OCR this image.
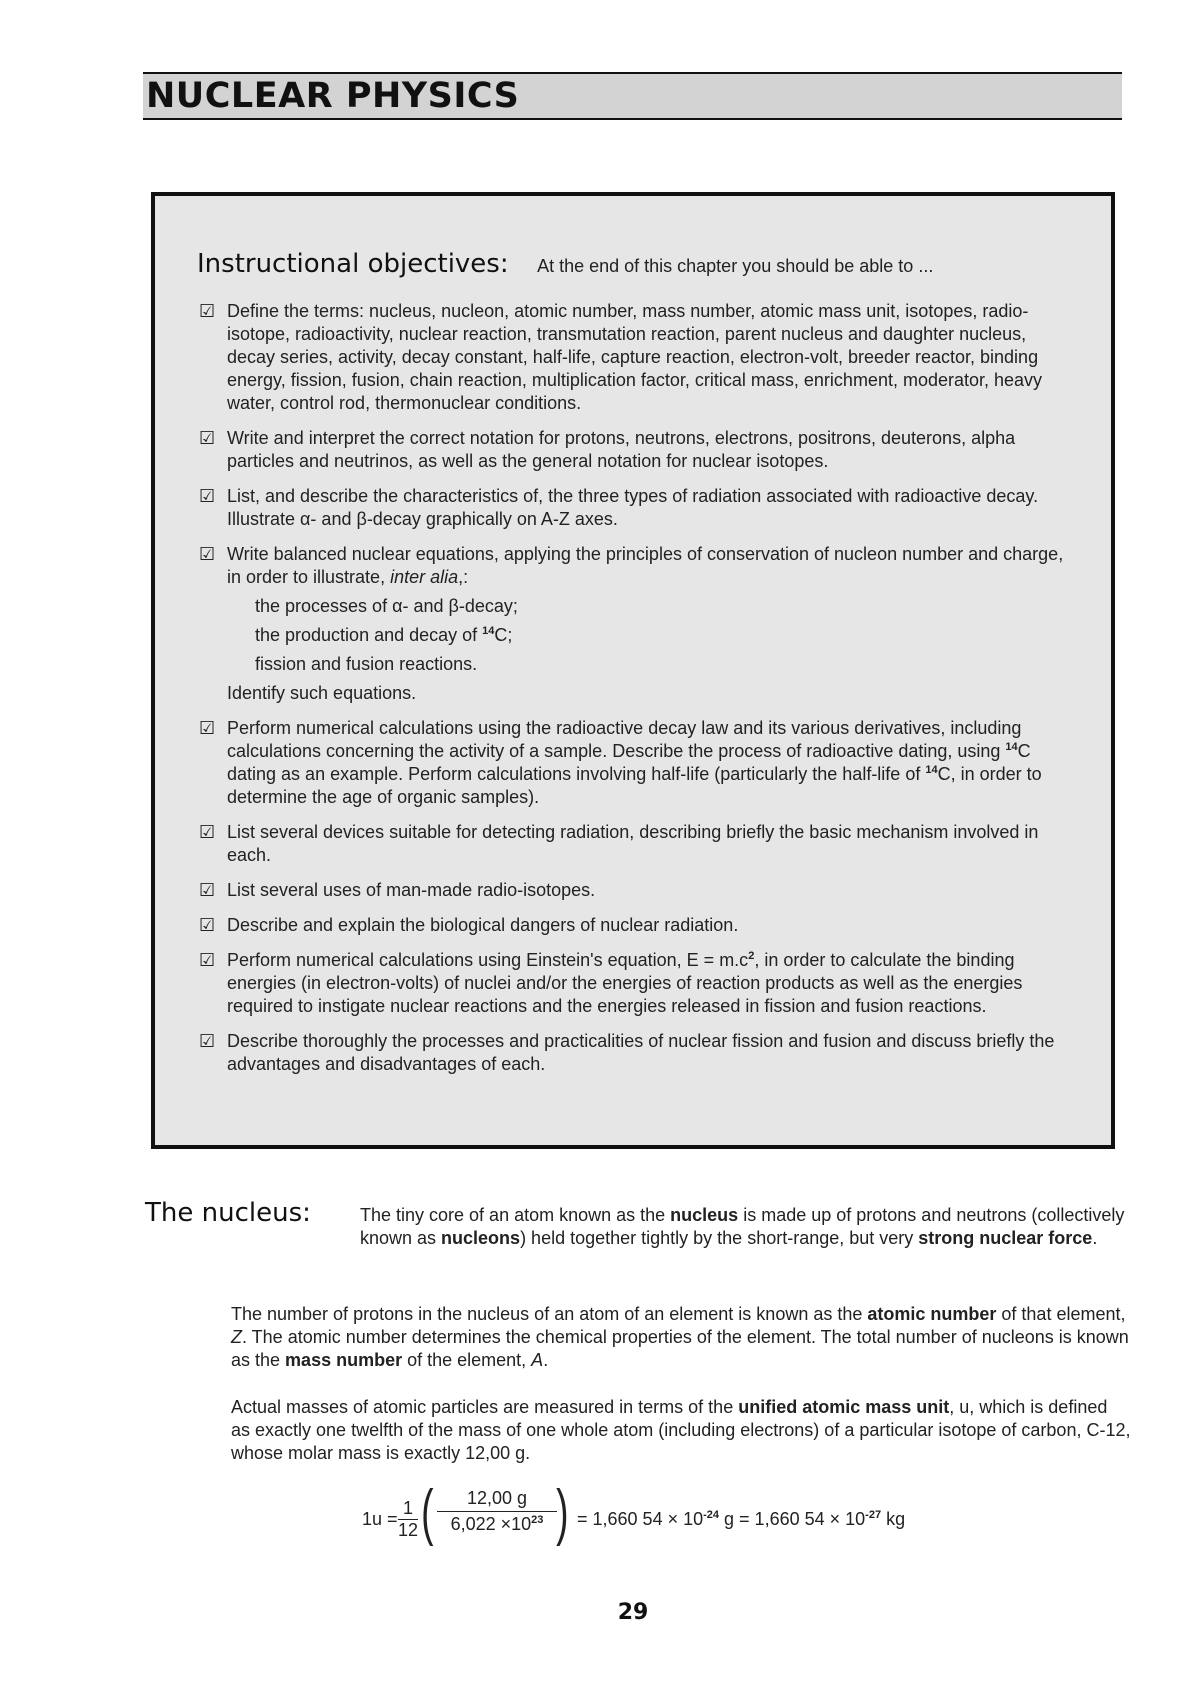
NUCLEAR PHYSICS
Instructional objectives: At the end of this chapter you should be able to ...
☑ Define the terms: nucleus, nucleon, atomic number, mass number, atomic mass unit, isotopes, radio-isotope, radioactivity, nuclear reaction, transmutation reaction, parent nucleus and daughter nucleus, decay series, activity, decay constant, half-life, capture reaction, electron-volt, breeder reactor, binding energy, fission, fusion, chain reaction, multiplication factor, critical mass, enrichment, moderator, heavy water, control rod, thermonuclear conditions.
☑ Write and interpret the correct notation for protons, neutrons, electrons, positrons, deuterons, alpha particles and neutrinos, as well as the general notation for nuclear isotopes.
☑ List, and describe the characteristics of, the three types of radiation associated with radioactive decay. Illustrate α- and β-decay graphically on A-Z axes.
☑ Write balanced nuclear equations, applying the principles of conservation of nucleon number and charge, in order to illustrate, inter alia,:
the processes of α- and β-decay;
the production and decay of $^{14}$C;
fission and fusion reactions.
Identify such equations.
☑ Perform numerical calculations using the radioactive decay law and its various derivatives, including calculations concerning the activity of a sample. Describe the process of radioactive dating, using $^{14}$C dating as an example. Perform calculations involving half-life (particularly the half-life of $^{14}$C, in order to determine the age of organic samples).
☑ List several devices suitable for detecting radiation, describing briefly the basic mechanism involved in each.
☑ List several uses of man-made radio-isotopes.
☑ Describe and explain the biological dangers of nuclear radiation.
☑ Perform numerical calculations using Einstein's equation, $E = m.c^2$, in order to calculate the binding energies (in electron-volts) of nuclei and/or the energies of reaction products as well as the energies required to instigate nuclear reactions and the energies released in fission and fusion reactions.
☑ Describe thoroughly the processes and practicalities of nuclear fission and fusion and discuss briefly the advantages and disadvantages of each.
The nucleus:	The tiny core of an atom known as the nucleus is made up of protons and neutrons (collectively known as nucleons) held together tightly by the short-range, but very strong nuclear force.

The number of protons in the nucleus of an atom of an element is known as the atomic number of that element, Z. The atomic number determines the chemical properties of the element. The total number of nucleons is known as the mass number of the element, A.

Actual masses of atomic particles are measured in terms of the unified atomic mass unit, u, which is defined as exactly one twelfth of the mass of one whole atom (including electrons) of a particular isotope of carbon, C-12, whose molar mass is exactly 12,00 g.

$1u = \frac{1}{12}$ ( $\frac{12,00 g}{6,022 \times 10^{23}}$ ) = 1,660 $54 \times 10^{-24}$ g = 1,660 $54 \times 10^{-27}$ kg
29
